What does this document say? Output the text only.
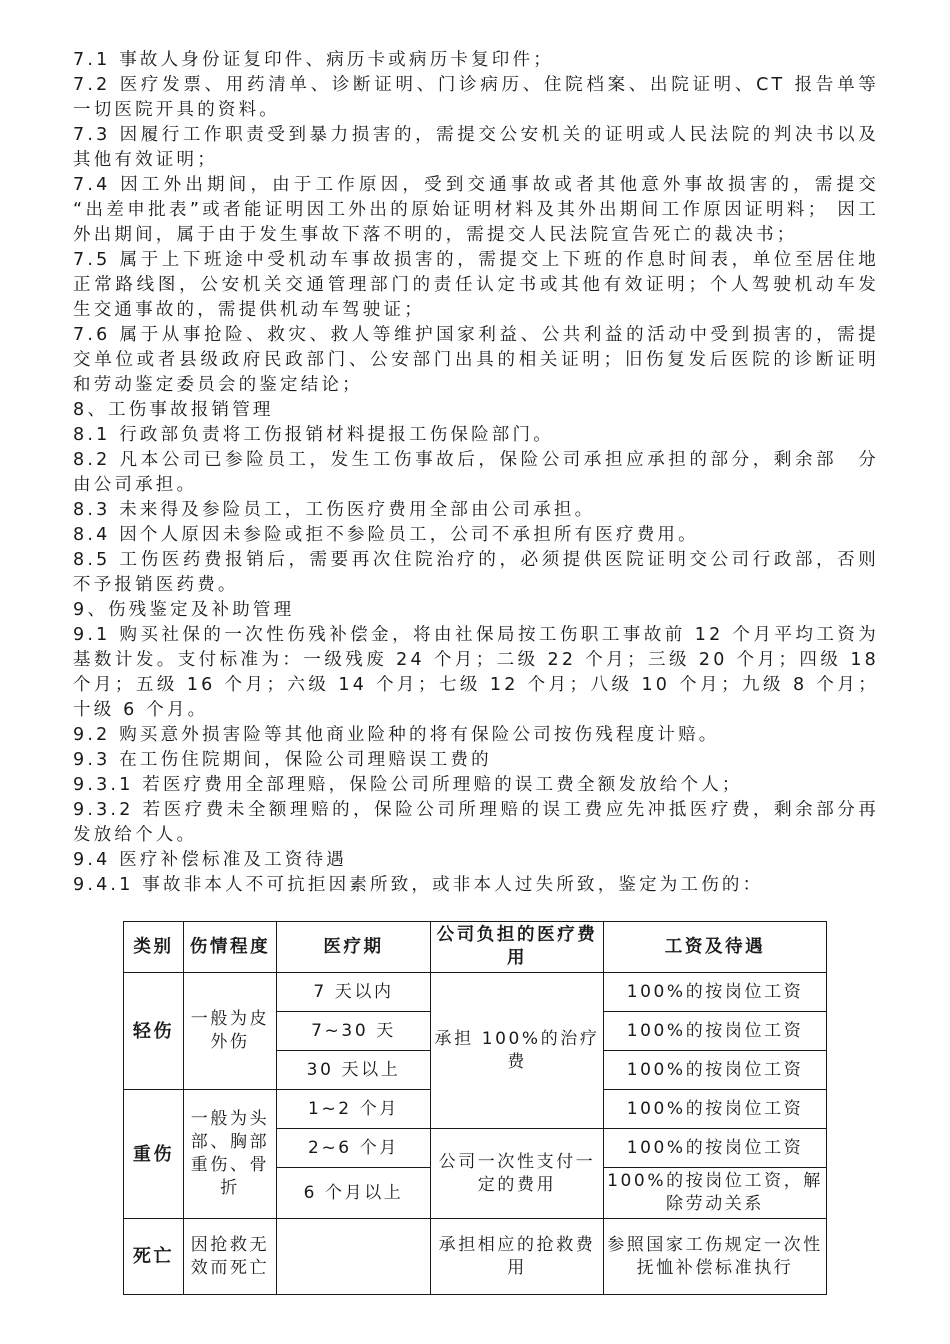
7.1 事故人身份证复印件、病历卡或病历卡复印件；

7.2 医疗发票、用药清单、诊断证明、门诊病历、住院档案、出院证明、CT 报告单等一切医院开具的资料。

7.3 因履行工作职责受到暴力损害的，需提交公安机关的证明或人民法院的判决书以及其他有效证明；

7.4 因工外出期间，由于工作原因，受到交通事故或者其他意外事故损害的，需提交 “出差申批表”或者能证明因工外出的原始证明材料及其外出期间工作原因证明料； 因工外出期间，属于由于发生事故下落不明的，需提交人民法院宣告死亡的裁决书；

7.5 属于上下班途中受机动车事故损害的，需提交上下班的作息时间表，单位至居住地正常路线图，公安机关交通管理部门的责任认定书或其他有效证明；个人驾驶机动车发生交通事故的，需提供机动车驾驶证；

7.6 属于从事抢险、救灾、救人等维护国家利益、公共利益的活动中受到损害的，需提交单位或者县级政府民政部门、公安部门出具的相关证明；旧伤复发后医院的诊断证明和劳动鉴定委员会的鉴定结论；

8、工伤事故报销管理

8.1 行政部负责将工伤报销材料提报工伤保险部门。

8.2 凡本公司已参险员工，发生工伤事故后，保险公司承担应承担的部分，剩余部　分由公司承担。

8.3 未来得及参险员工，工伤医疗费用全部由公司承担。

8.4 因个人原因未参险或拒不参险员工，公司不承担所有医疗费用。

8.5 工伤医药费报销后，需要再次住院治疗的，必须提供医院证明交公司行政部，否则不予报销医药费。

9、伤残鉴定及补助管理

9.1 购买社保的一次性伤残补偿金，将由社保局按工伤职工事故前 12 个月平均工资为基数计发。支付标准为：一级残废 24 个月；二级 22 个月；三级 20 个月；四级 18 个月；五级 16 个月；六级 14 个月；七级 12 个月；八级 10 个月；九级 8 个月；十级 6 个月。

9.2 购买意外损害险等其他商业险种的将有保险公司按伤残程度计赔。

9.3 在工伤住院期间，保险公司理赔误工费的

9.3.1 若医疗费用全部理赔，保险公司所理赔的误工费全额发放给个人；

9.3.2 若医疗费未全额理赔的，保险公司所理赔的误工费应先冲抵医疗费，剩余部分再发放给个人。

9.4 医疗补偿标准及工资待遇

9.4.1 事故非本人不可抗拒因素所致，或非本人过失所致，鉴定为工伤的：

类别	伤情程度	医疗期	公司负担的医疗费用	工资及待遇
轻伤	一般为皮外伤	7 天以内	承担 100%的治疗费	100%的按岗位工资
		7~30 天		100%的按岗位工资
		30 天以上		100%的按岗位工资
重伤	一般为头部、胸部重伤、骨折	1~2 个月		100%的按岗位工资
		2~6 个月	公司一次性支付一定的费用	100%的按岗位工资
		6 个月以上		100%的按岗位工资，解除劳动关系
死亡	因抢救无效而死亡		承担相应的抢救费用	参照国家工伤规定一次性抚恤补偿标准执行
